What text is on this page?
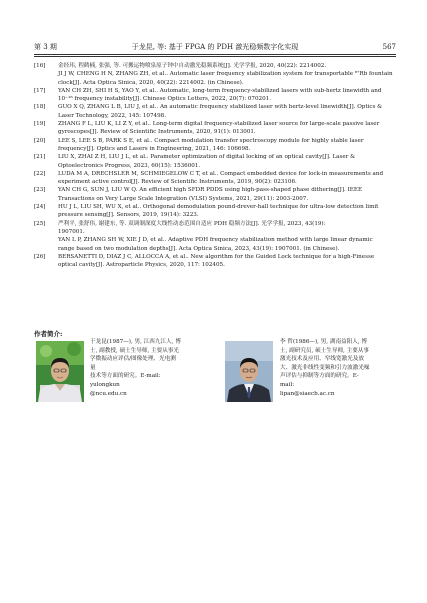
第 3 期	于龙昆, 等: 基于 FPGA 的 PDH 激光稳频数字化实现	567
[16] 金经玮, 程鹤楠, 张强, 等. 可搬运物喷泉原子钟中自动激光稳频系统[J]. 光学学报, 2020, 40(22): 2214002.
JI J W, CHENG H N, ZHANG ZH, et al.. Automatic laser frequency stabilization system for transportable ⁸⁷Rb fountain
clock[J]. Acta Optica Sinica, 2020, 40(22): 2214002. (in Chinese).
[17] YAN CH ZH, SHI H S, YAO Y, et al.. Automatic, long-term frequency-stabilized lasers with sub-hertz linewidth and
10⁻¹⁶ frequency instability[J]. Chinese Optics Letters, 2022, 20(7): 070201.
[18] GUO X Q, ZHANG L B, LIU J, et al.. An automatic frequency stabilized laser with hertz-level linewidth[J]. Optics &
Laser Technology, 2022, 145: 107498.
[19] ZHANG F L, LIU K, LI Z Y, et al.. Long-term digital frequency-stabilized laser source for large-scale passive laser
gyroscopes[J]. Review of Scientific Instruments, 2020, 91(1): 013001.
[20] LEE S, LEE S B, PARK S E, et al.. Compact modulation transfer spectroscopy module for highly stable laser
frequency[J]. Optics and Lasers in Engineering, 2021, 146: 106698.
[21] LIU X, ZHAI Z H, LIU J L, et al.. Parameter optimization of digital locking of an optical cavity[J]. Laser &
Optoelectronics Progress, 2023, 60(15): 1536001.
[22] LUDA M A, DRECHSLER M, SCHMIEGELOW C T, et al.. Compact embedded device for lock-in measurements and
experiment active control[J]. Review of Scientific Instruments, 2019, 90(2): 023106.
[23] YAN CH G, SUN J, LIU W Q. An efficient high SFDR PDDS using high-pass-shaped phase dithering[J]. IEEE
Transactions on Very Large Scale Integration (VLSI) Systems, 2021, 29(11): 2003-2007.
[24] HU J L, LIU SH, WU X, et al.. Orthogonal demodulation pound-drever-hall technique for ultra-low detection limit
pressure sensing[J]. Sensors, 2019, 19(14): 3223.
[25] 严利平, 张舒伟, 谢建东, 等. 双调制深度大线性动态范围自适应 PDH 稳频方法[J]. 光学学报, 2023, 43(19):
1907001.
YAN L P, ZHANG SH W, XIE J D, et al.. Adaptive PDH frequency stabilization method with large linear dynamic
range based on two modulation depths[J]. Acta Optica Sinica, 2023, 43(19): 1907001. (in Chinese).
[26] BERSANETTI D, DIAZ J C, ALLOCCA A, et al.. New algorithm for the Guided Lock technique for a high-Finesse
optical cavity[J]. Astroparticle Physics, 2020, 117: 102405.
作者简介:
于龙昆(1987—), 男, 江西九江人, 博
士, 副教授, 硕士生导师, 主要从事光
学微振动应评估/图像处理、光电测量
技术等方面的研究。E-mail: yulongkun
@ncu.edu.cn
李 哲(1986—), 男, 湖南益阳人, 博
士, 副研究员, 硕士生导师, 主要从事
激光技术及应用、窄线宽激光及放
大、激光非线性变频和引力波激光噪
声评估与抑制等方面的研究。E-mail:
lipan@siaecb.ac.cn
